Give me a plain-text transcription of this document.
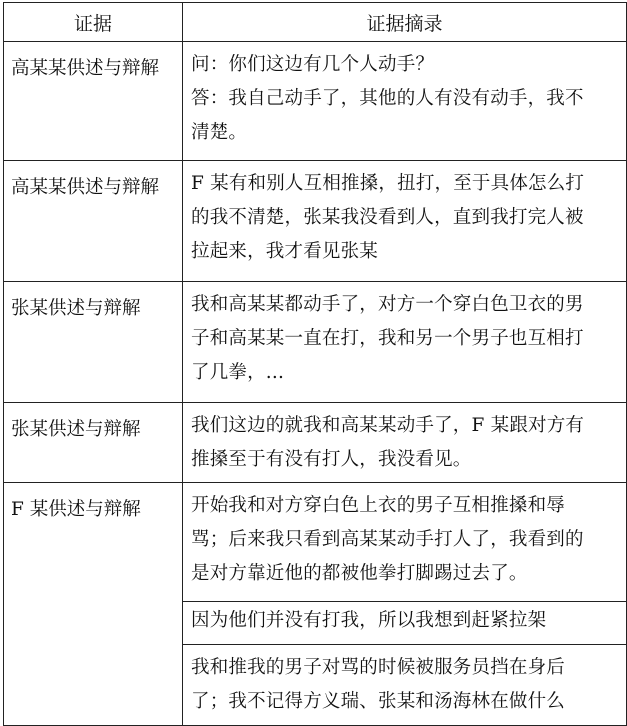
证据	证据摘录

高某某供述与辩解	问：你们这边有几个人动手？
答：我自己动手了，其他的人有没有动手，我不
清楚。

高某某供述与辩解	F 某有和别人互相推搡，扭打，至于具体怎么打
的我不清楚，张某我没看到人，直到我打完人被
拉起来，我才看见张某

张某供述与辩解	我和高某某都动手了，对方一个穿白色卫衣的男
子和高某某一直在打，我和另一个男子也互相打
了几拳，...

张某供述与辩解	我们这边的就我和高某某动手了，F 某跟对方有
推搡至于有没有打人，我没看见。

F 某供述与辩解	开始我和对方穿白色上衣的男子互相推搡和辱
骂；后来我只看到高某某动手打人了，我看到的
是对方靠近他的都被他拳打脚踢过去了。

	因为他们并没有打我，所以我想到赶紧拉架

	我和推我的男子对骂的时候被服务员挡在身后
了；我不记得方义瑞、张某和汤海林在做什么
